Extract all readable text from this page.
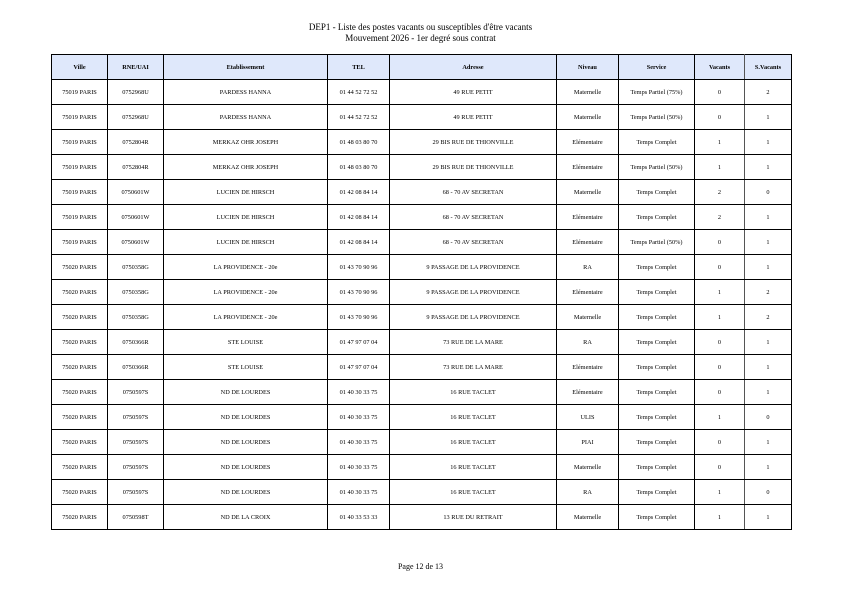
DEP1 - Liste des postes vacants ou susceptibles d'être vacants
Mouvement 2026 - 1er degré sous contrat
Ville	RNE/UAI	Etablissement	TEL	Adresse	Niveau	Service	Vacants	S.Vacants
75019 PARIS	0752968U	PARDESS HANNA	01 44 52 72 52	49 RUE PETIT	Maternelle	Temps Partiel (75%)	0	2
75019 PARIS	0752968U	PARDESS HANNA	01 44 52 72 52	49 RUE PETIT	Maternelle	Temps Partiel (50%)	0	1
75019 PARIS	0752804R	MERKAZ OHR JOSEPH	01 48 03 80 70	29 BIS RUE DE THIONVILLE	Elémentaire	Temps Complet	1	1
75019 PARIS	0752804R	MERKAZ OHR JOSEPH	01 48 03 80 70	29 BIS RUE DE THIONVILLE	Elémentaire	Temps Partiel (50%)	1	1
75019 PARIS	0750601W	LUCIEN DE HIRSCH	01 42 08 84 14	68 - 70 AV SECRETAN	Maternelle	Temps Complet	2	0
75019 PARIS	0750601W	LUCIEN DE HIRSCH	01 42 08 84 14	68 - 70 AV SECRETAN	Elémentaire	Temps Complet	2	1
75019 PARIS	0750601W	LUCIEN DE HIRSCH	01 42 08 84 14	68 - 70 AV SECRETAN	Elémentaire	Temps Partiel (50%)	0	1
75020 PARIS	0750358G	LA PROVIDENCE - 20e	01 43 70 90 96	9 PASSAGE DE LA PROVIDENCE	RA	Temps Complet	0	1
75020 PARIS	0750358G	LA PROVIDENCE - 20e	01 43 70 90 96	9 PASSAGE DE LA PROVIDENCE	Elémentaire	Temps Complet	1	2
75020 PARIS	0750358G	LA PROVIDENCE - 20e	01 43 70 90 96	9 PASSAGE DE LA PROVIDENCE	Maternelle	Temps Complet	1	2
75020 PARIS	0750366R	STE LOUISE	01 47 97 07 04	73 RUE DE LA MARE	RA	Temps Complet	0	1
75020 PARIS	0750366R	STE LOUISE	01 47 97 07 04	73 RUE DE LA MARE	Elémentaire	Temps Complet	0	1
75020 PARIS	0750597S	ND DE LOURDES	01 40 30 33 75	16 RUE TACLET	Elémentaire	Temps Complet	0	1
75020 PARIS	0750597S	ND DE LOURDES	01 40 30 33 75	16 RUE TACLET	ULIS	Temps Complet	1	0
75020 PARIS	0750597S	ND DE LOURDES	01 40 30 33 75	16 RUE TACLET	PIAI	Temps Complet	0	1
75020 PARIS	0750597S	ND DE LOURDES	01 40 30 33 75	16 RUE TACLET	Maternelle	Temps Complet	0	1
75020 PARIS	0750597S	ND DE LOURDES	01 40 30 33 75	16 RUE TACLET	RA	Temps Complet	1	0
75020 PARIS	0750598T	ND DE LA CROIX	01 40 33 53 33	13 RUE DU RETRAIT	Maternelle	Temps Complet	1	1
Page 12 de 13
